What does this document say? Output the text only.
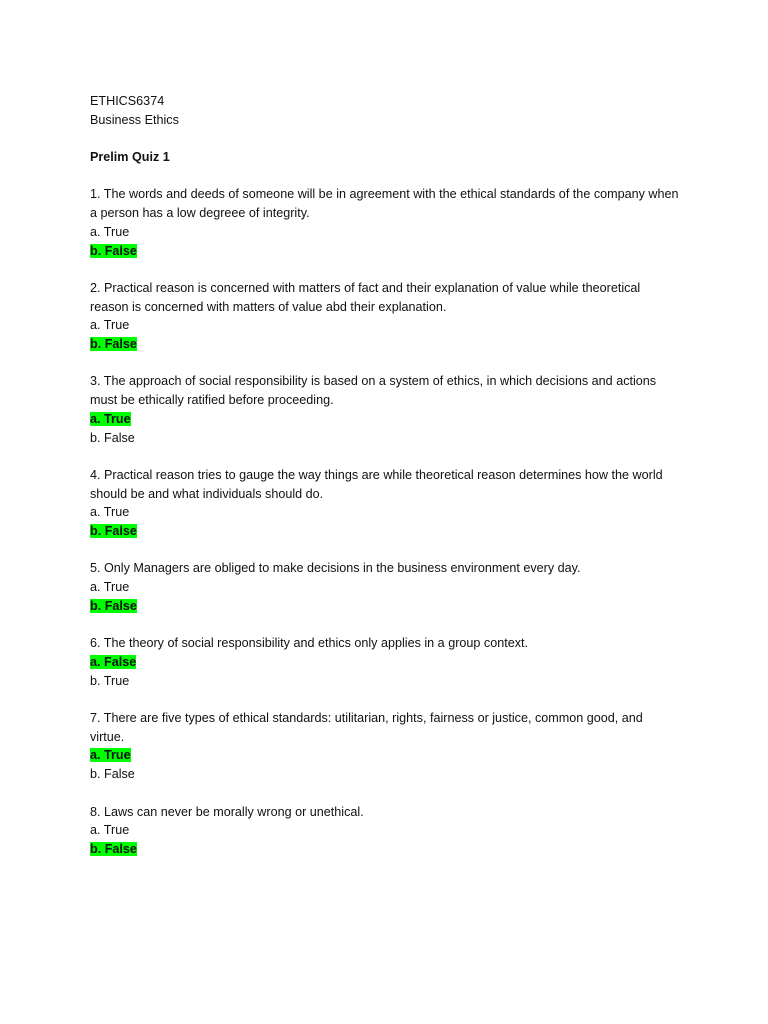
ETHICS6374
Business Ethics
Prelim Quiz 1
1. The words and deeds of someone will be in agreement with the ethical standards of the company when a person has a low degreee of integrity.
a. True
b. False
2. Practical reason is concerned with matters of fact and their explanation of value while theoretical reason is concerned with matters of value abd their explanation.
a. True
b. False
3. The approach of social responsibility is based on a system of ethics, in which decisions and actions must be ethically ratified before proceeding.
a. True
b. False
4. Practical reason tries to gauge the way things are while theoretical reason determines how the world should be and what individuals should do.
a. True
b. False
5. Only Managers are obliged to make decisions in the business environment every day.
a. True
b. False
6. The theory of social responsibility and ethics only applies in a group context.
a. False
b. True
7. There are five types of ethical standards: utilitarian, rights, fairness or justice, common good, and virtue.
a. True
b. False
8. Laws can never be morally wrong or unethical.
a. True
b. False
